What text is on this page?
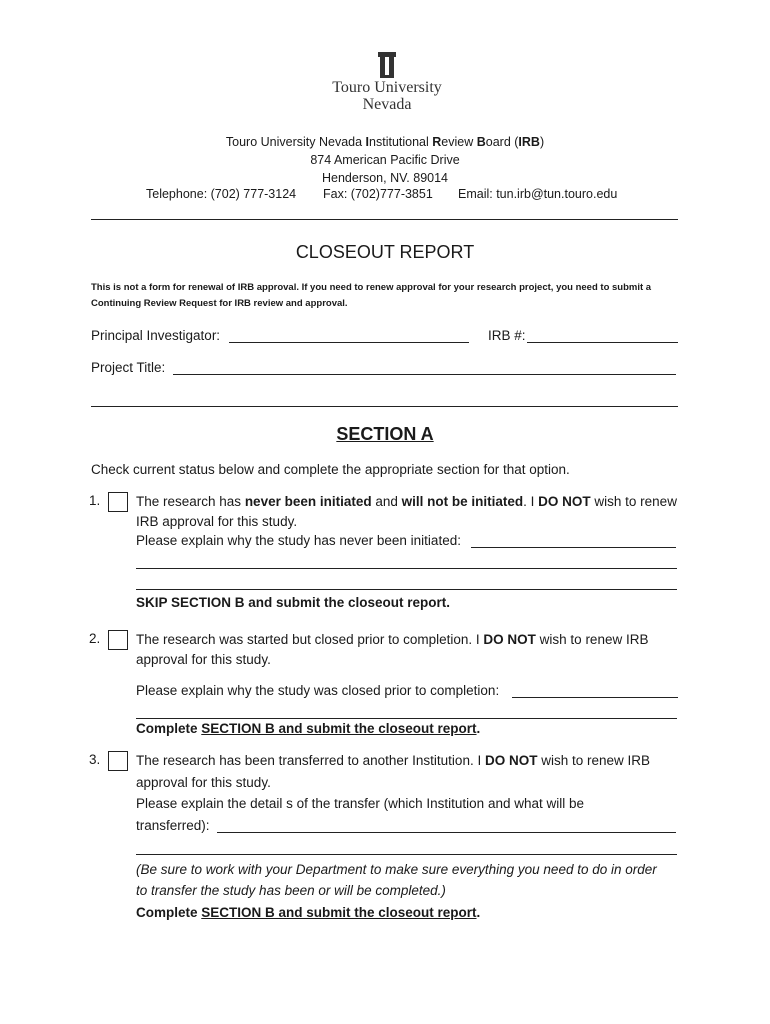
Touro University
Nevada
Touro University Nevada Institutional Review Board (IRB)
874 American Pacific Drive
Henderson, NV. 89014
Telephone: (702) 777-3124 Fax: (702)777-3851 Email: tun.irb@tun.touro.edu
CLOSEOUT REPORT
This is not a form for renewal of IRB approval. If you need to renew approval for your research project, you need to submit a
Continuing Review Request for IRB review and approval.
Principal Investigator:	IRB #:
Project Title:
SECTION A
Check current status below and complete the appropriate section for that option.
1.	The research has never been initiated and will not be initiated. I DO NOT wish to renew
IRB approval for this study.
Please explain why the study has never been initiated:
SKIP SECTION B and submit the closeout report.
2.	The research was started but closed prior to completion. I DO NOT wish to renew IRB
approval for this study.
Please explain why the study was closed prior to completion:
Complete SECTION B and submit the closeout report.
3.	The research has been transferred to another Institution. I DO NOT wish to renew IRB
approval for this study.
Please explain the detail s of the transfer (which Institution and what will be
transferred):
(Be sure to work with your Department to make sure everything you need to do in order
to transfer the study has been or will be completed.)
Complete SECTION B and submit the closeout report.
